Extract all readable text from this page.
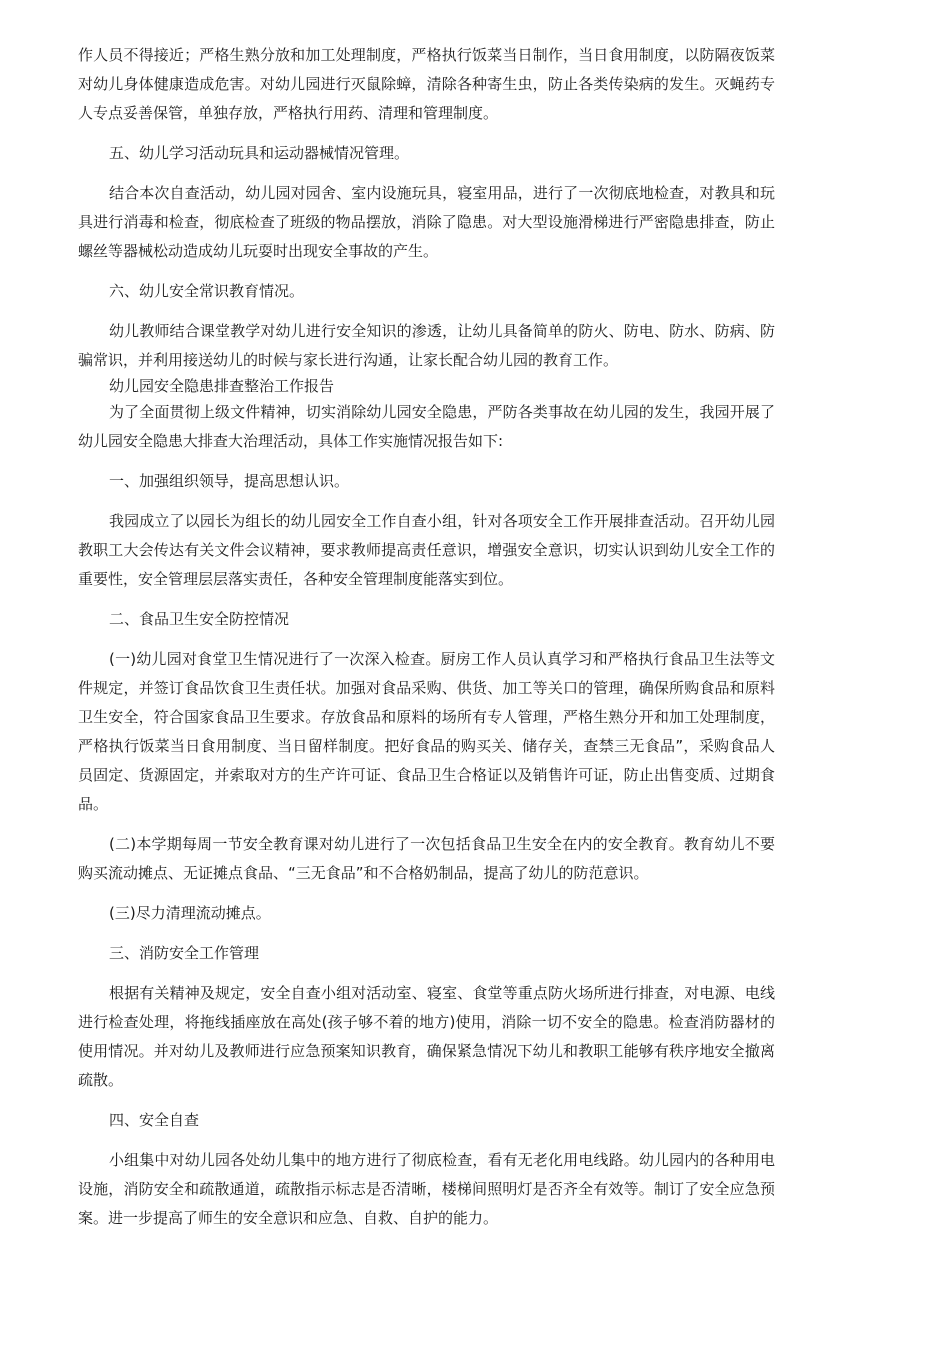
作人员不得接近；严格生熟分放和加工处理制度，严格执行饭菜当日制作，当日食用制度，以防隔夜饭菜对幼儿身体健康造成危害。对幼儿园进行灭鼠除蟑，清除各种寄生虫，防止各类传染病的发生。灭蝇药专人专点妥善保管，单独存放，严格执行用药、清理和管理制度。

五、幼儿学习活动玩具和运动器械情况管理。

结合本次自查活动，幼儿园对园舍、室内设施玩具，寝室用品，进行了一次彻底地检查，对教具和玩具进行消毒和检查，彻底检查了班级的物品摆放，消除了隐患。对大型设施滑梯进行严密隐患排查，防止螺丝等器械松动造成幼儿玩耍时出现安全事故的产生。

六、幼儿安全常识教育情况。

幼儿教师结合课堂教学对幼儿进行安全知识的渗透，让幼儿具备简单的防火、防电、防水、防病、防骗常识，并利用接送幼儿的时候与家长进行沟通，让家长配合幼儿园的教育工作。

幼儿园安全隐患排查整治工作报告

为了全面贯彻上级文件精神，切实消除幼儿园安全隐患，严防各类事故在幼儿园的发生，我园开展了幼儿园安全隐患大排查大治理活动，具体工作实施情况报告如下:

一、加强组织领导，提高思想认识。

我园成立了以园长为组长的幼儿园安全工作自查小组，针对各项安全工作开展排查活动。召开幼儿园教职工大会传达有关文件会议精神，要求教师提高责任意识，增强安全意识，切实认识到幼儿安全工作的重要性，安全管理层层落实责任，各种安全管理制度能落实到位。

二、食品卫生安全防控情况

(一)幼儿园对食堂卫生情况进行了一次深入检查。厨房工作人员认真学习和严格执行食品卫生法等文件规定，并签订食品饮食卫生责任状。加强对食品采购、供货、加工等关口的管理，确保所购食品和原料卫生安全，符合国家食品卫生要求。存放食品和原料的场所有专人管理，严格生熟分开和加工处理制度，严格执行饭菜当日食用制度、当日留样制度。把好食品的购买关、储存关，查禁三无食品”，采购食品人员固定、货源固定，并索取对方的生产许可证、食品卫生合格证以及销售许可证，防止出售变质、过期食品。

(二)本学期每周一节安全教育课对幼儿进行了一次包括食品卫生安全在内的安全教育。教育幼儿不要购买流动摊点、无证摊点食品、“三无食品”和不合格奶制品，提高了幼儿的防范意识。

(三)尽力清理流动摊点。

三、消防安全工作管理

根据有关精神及规定，安全自查小组对活动室、寝室、食堂等重点防火场所进行排查，对电源、电线进行检查处理，将拖线插座放在高处(孩子够不着的地方)使用，消除一切不安全的隐患。检查消防器材的使用情况。并对幼儿及教师进行应急预案知识教育，确保紧急情况下幼儿和教职工能够有秩序地安全撤离疏散。

四、安全自查

小组集中对幼儿园各处幼儿集中的地方进行了彻底检查，看有无老化用电线路。幼儿园内的各种用电设施，消防安全和疏散通道，疏散指示标志是否清晰，楼梯间照明灯是否齐全有效等。制订了安全应急预案。进一步提高了师生的安全意识和应急、自救、自护的能力。
